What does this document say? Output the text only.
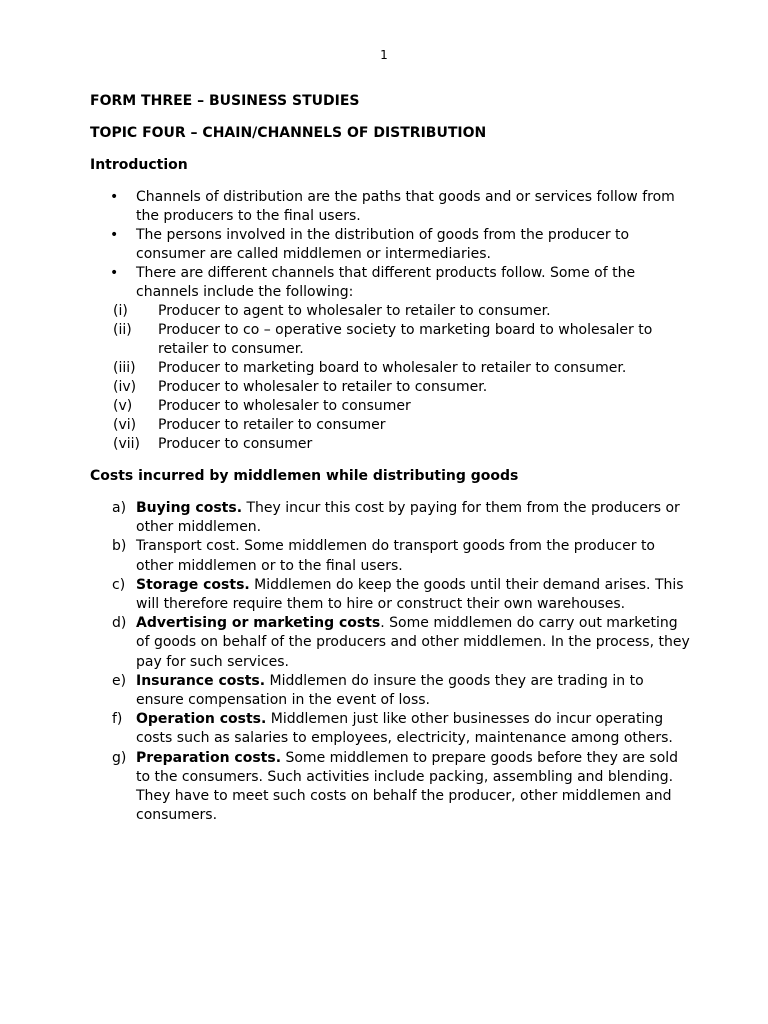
1
FORM THREE – BUSINESS STUDIES
TOPIC FOUR – CHAIN/CHANNELS OF DISTRIBUTION
Introduction
• Channels of distribution are the paths that goods and or services follow from the producers to the final users.
• The persons involved in the distribution of goods from the producer to consumer are called middlemen or intermediaries.
• There are different channels that different products follow. Some of the channels include the following:
(i) Producer to agent to wholesaler to retailer to consumer.
(ii) Producer to co – operative society to marketing board to wholesaler to retailer to consumer.
(iii) Producer to marketing board to wholesaler to retailer to consumer.
(iv) Producer to wholesaler to retailer to consumer.
(v) Producer to wholesaler to consumer
(vi) Producer to retailer to consumer
(vii) Producer to consumer
Costs incurred by middlemen while distributing goods
a) Buying costs. They incur this cost by paying for them from the producers or other middlemen.
b) Transport cost. Some middlemen do transport goods from the producer to other middlemen or to the final users.
c) Storage costs. Middlemen do keep the goods until their demand arises. This will therefore require them to hire or construct their own warehouses.
d) Advertising or marketing costs. Some middlemen do carry out marketing of goods on behalf of the producers and other middlemen. In the process, they pay for such services.
e) Insurance costs. Middlemen do insure the goods they are trading in to ensure compensation in the event of loss.
f) Operation costs. Middlemen just like other businesses do incur operating costs such as salaries to employees, electricity, maintenance among others.
g) Preparation costs. Some middlemen to prepare goods before they are sold to the consumers. Such activities include packing, assembling and blending. They have to meet such costs on behalf the producer, other middlemen and consumers.
